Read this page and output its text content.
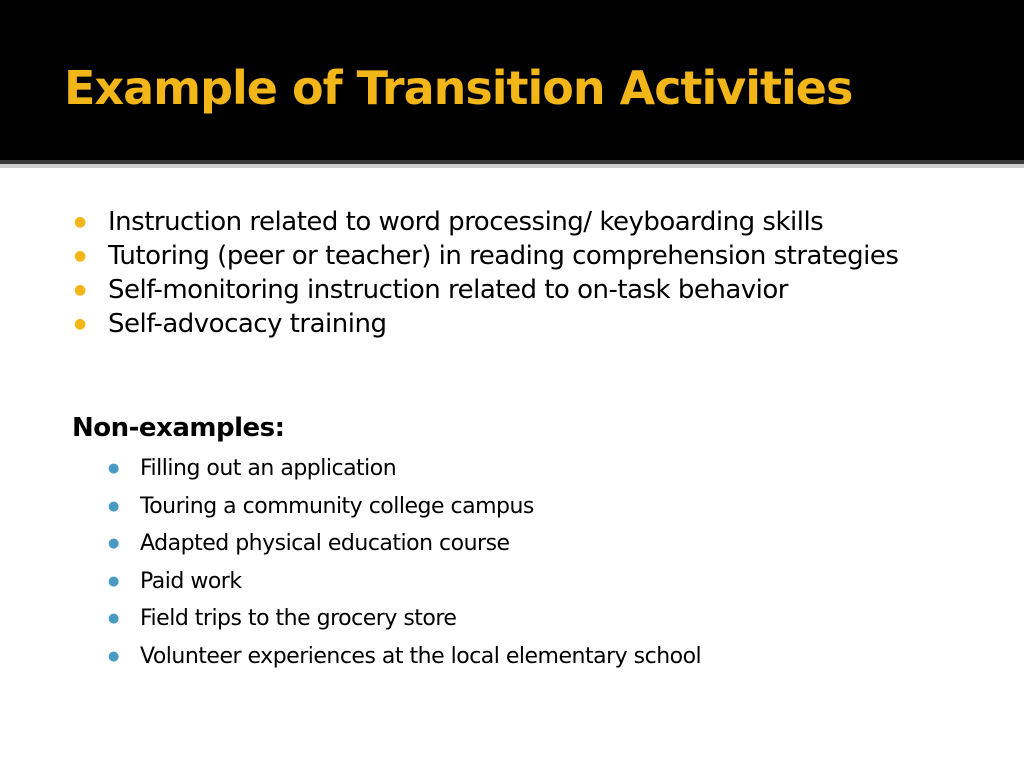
Example of Transition Activities
● Instruction related to word processing/ keyboarding skills
● Tutoring (peer or teacher) in reading comprehension strategies
● Self-monitoring instruction related to on-task behavior
● Self-advocacy training
Non-examples:
● Filling out an application
● Touring a community college campus
● Adapted physical education course
● Paid work
● Field trips to the grocery store
● Volunteer experiences at the local elementary school
